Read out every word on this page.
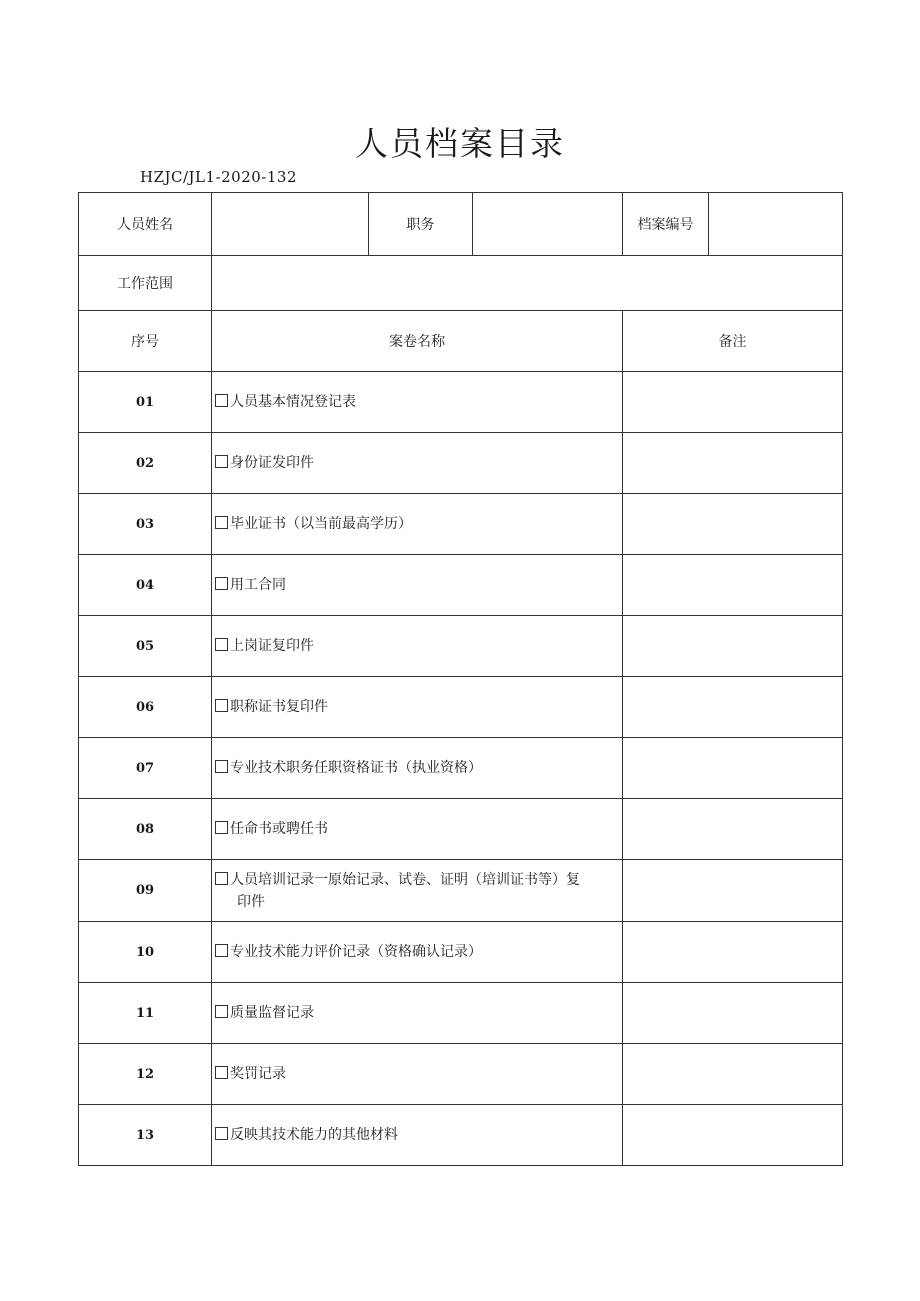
人员档案目录
HZJC/JL1-2020-132
人员姓名		职务		档案编号	
工作范围					
序号	案卷名称			备注	
01	人员基本情况登记表				
02	身份证发印件				
03	毕业证书（以当前最高学历）				
04	用工合同				
05	上岗证复印件				
06	职称证书复印件				
07	专业技术职务任职资格证书（执业资格）				
08	任命书或聘任书				
09	人员培训记录一原始记录、试卷、证明（培训证书等）复
印件				

10	专业技术能力评价记录（资格确认记录）				
11	质量监督记录				
12	奖罚记录				
13	反映其技术能力的其他材料				
